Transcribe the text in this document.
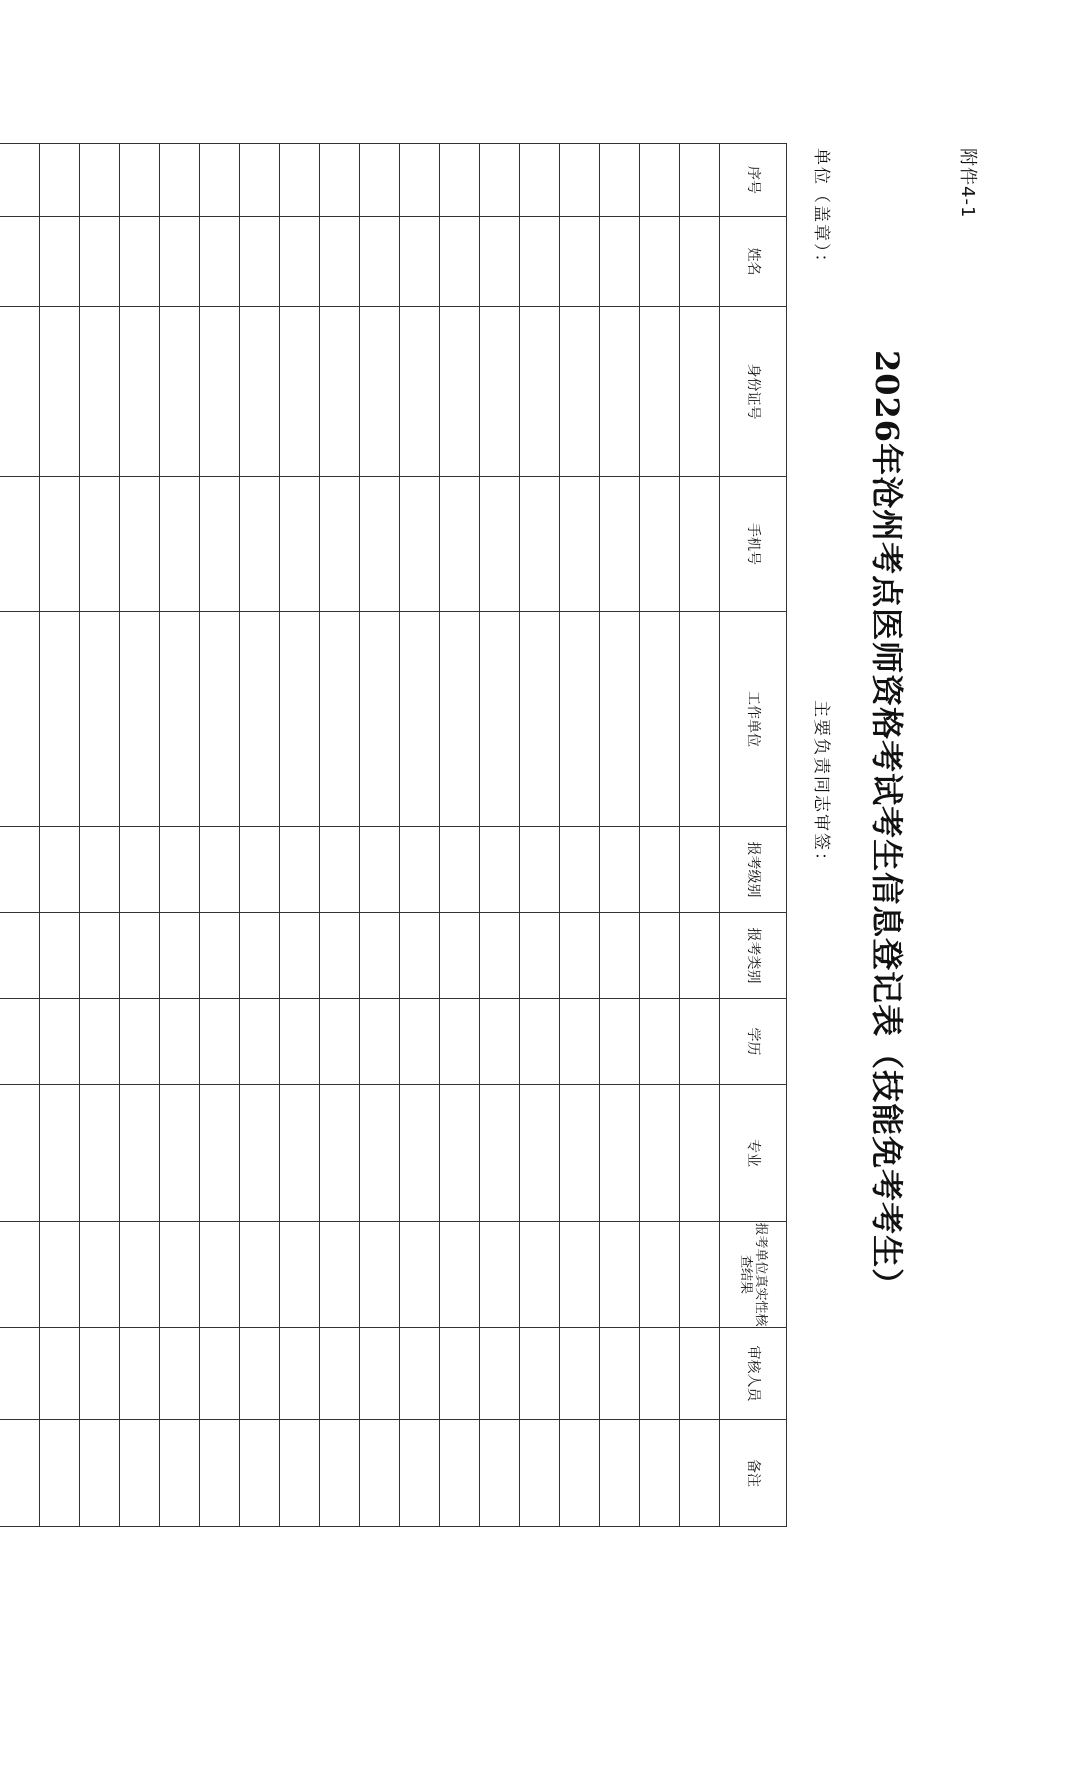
附件4-1
2026年沧州考点医师资格考试考生信息登记表（技能免考考生）
单位（盖章）：
主要负责同志审签：
序号	姓名	身份证号	手机号	工作单位	报考级别	报考类别	学历	专业	报考单位真实性核查结果	审核人员	备注
